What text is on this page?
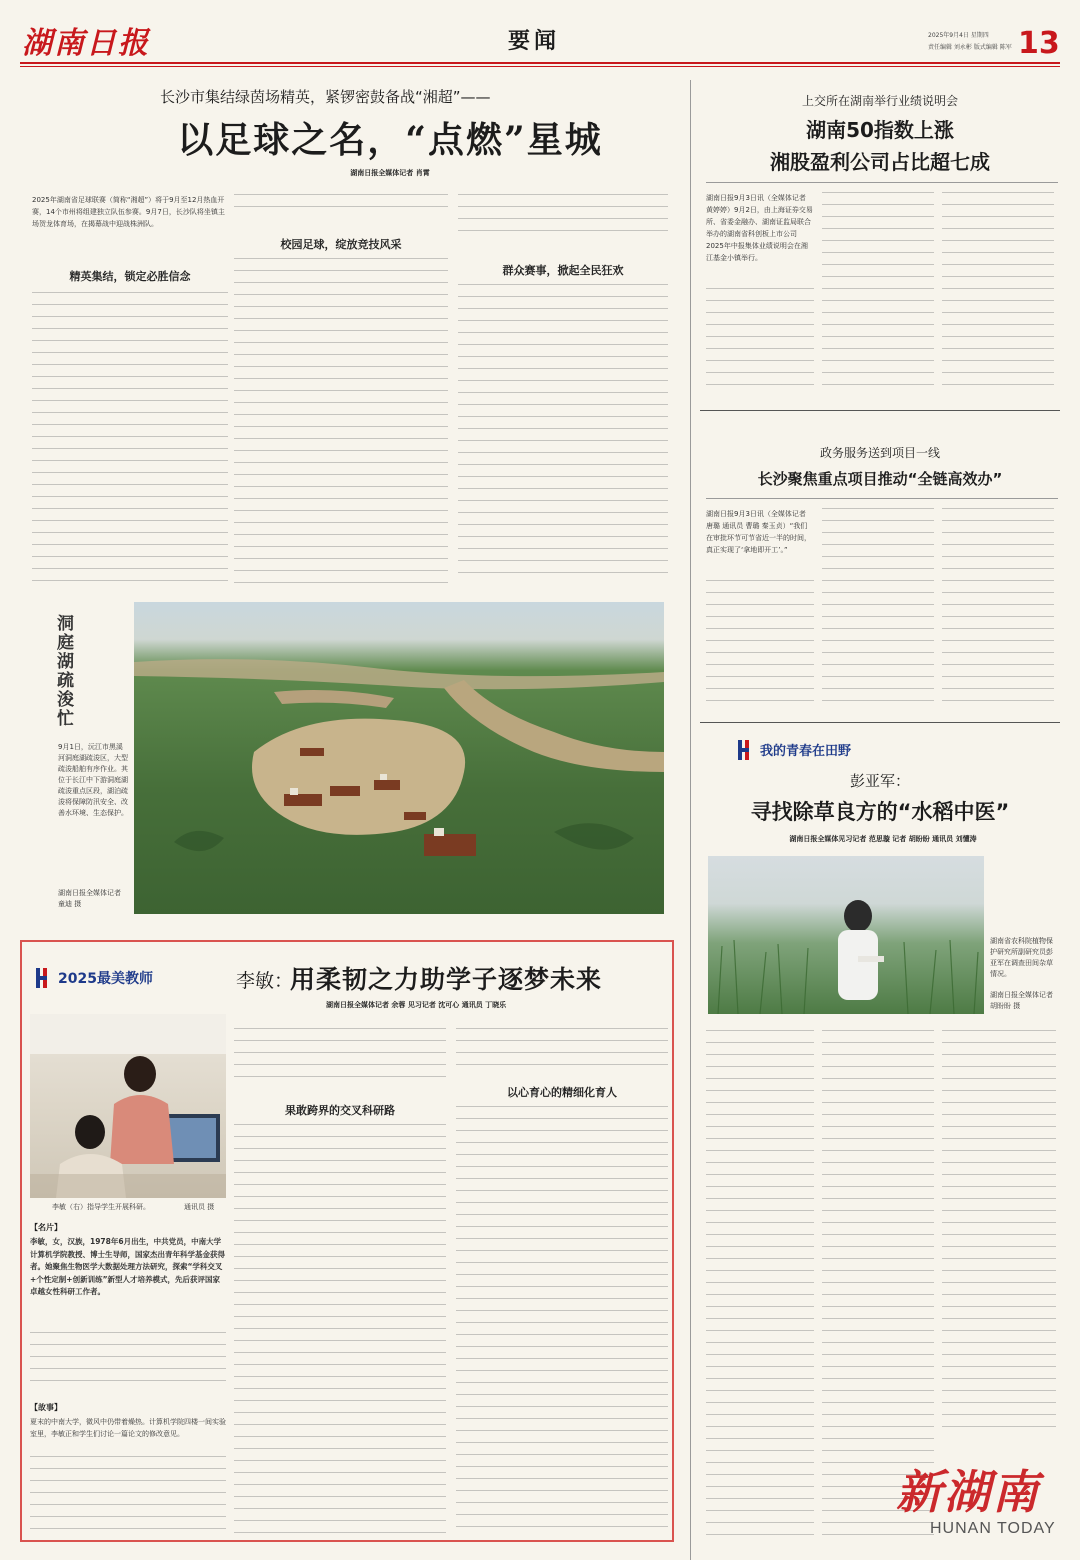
湖南日报	要闻	2025年9月4日 星期四
责任编辑 刘永彬 版式编辑 陈军 13
长沙市集结绿茵场精英，紧锣密鼓备战“湘超”——
以足球之名，“点燃”星城
湖南日报全媒体记者 肖霄
2025年湖南省足球联赛（简称“湘超”）将于9月至12月热血开赛，14个市州将组建独立队伍参赛。9月7日，长沙队将坐镇主场贺龙体育场，在揭幕战中迎战株洲队。
精英集结，锁定必胜信念
校园足球，绽放竞技风采
群众赛事，掀起全民狂欢
上交所在湖南举行业绩说明会
湖南50指数上涨
湘股盈利公司占比超七成
湖南日报9月3日讯（全媒体记者 黄婷婷）9月2日，由上海证券交易所、省委金融办、湖南证监局联合举办的湖南省科创板上市公司2025年中报集体业绩说明会在湘江基金小镇举行。
政务服务送到项目一线
长沙聚焦重点项目推动“全链高效办”
湖南日报9月3日讯（全媒体记者 唐璐 通讯员 曹璐 秦玉贞）“我们在审批环节可节省近一半的时间，真正实现了‘拿地即开工’。”
我的青春在田野
彭亚军：
寻找除草良方的“水稻中医”
湖南日报全媒体见习记者 范思璇 记者 胡盼盼 通讯员 刘懂涛
湖南省农科院植物保护研究所副研究员彭亚军在调查田间杂草情况。
湖南日报全媒体记者 胡盼盼 摄
洞庭湖疏浚忙
9月1日，沅江市黑溪河洞庭湖疏浚区，大型疏浚船舶有序作业。其位于长江中下游洞庭湖疏浚重点区段，湖泊疏浚将保障防汛安全、改善水环境、生态保护。
湖南日报全媒体记者 童迪 摄
2025最美教师	李敏：
用柔韧之力助学子逐梦未来
湖南日报全媒体记者 余蓉 见习记者 沈可心 通讯员 丁晓乐
李敏（右）指导学生开展科研。	通讯员 摄
【名片】
李敏，女，汉族，1978年6月出生，中共党员，中南大学计算机学院教授、博士生导师，国家杰出青年科学基金获得者。她聚焦生物医学大数据处理方法研究，探索“学科交叉+个性定制+创新训练”新型人才培养模式，先后获评国家卓越女性科研工作者。
【故事】
夏末的中南大学，微风中仍带着燥热。计算机学院四楼一间实验室里，李敏正和学生们讨论一篇论文的修改意见。
果敢跨界的交叉科研路
以心育心的精细化育人
新湖南
HUNAN TODAY
